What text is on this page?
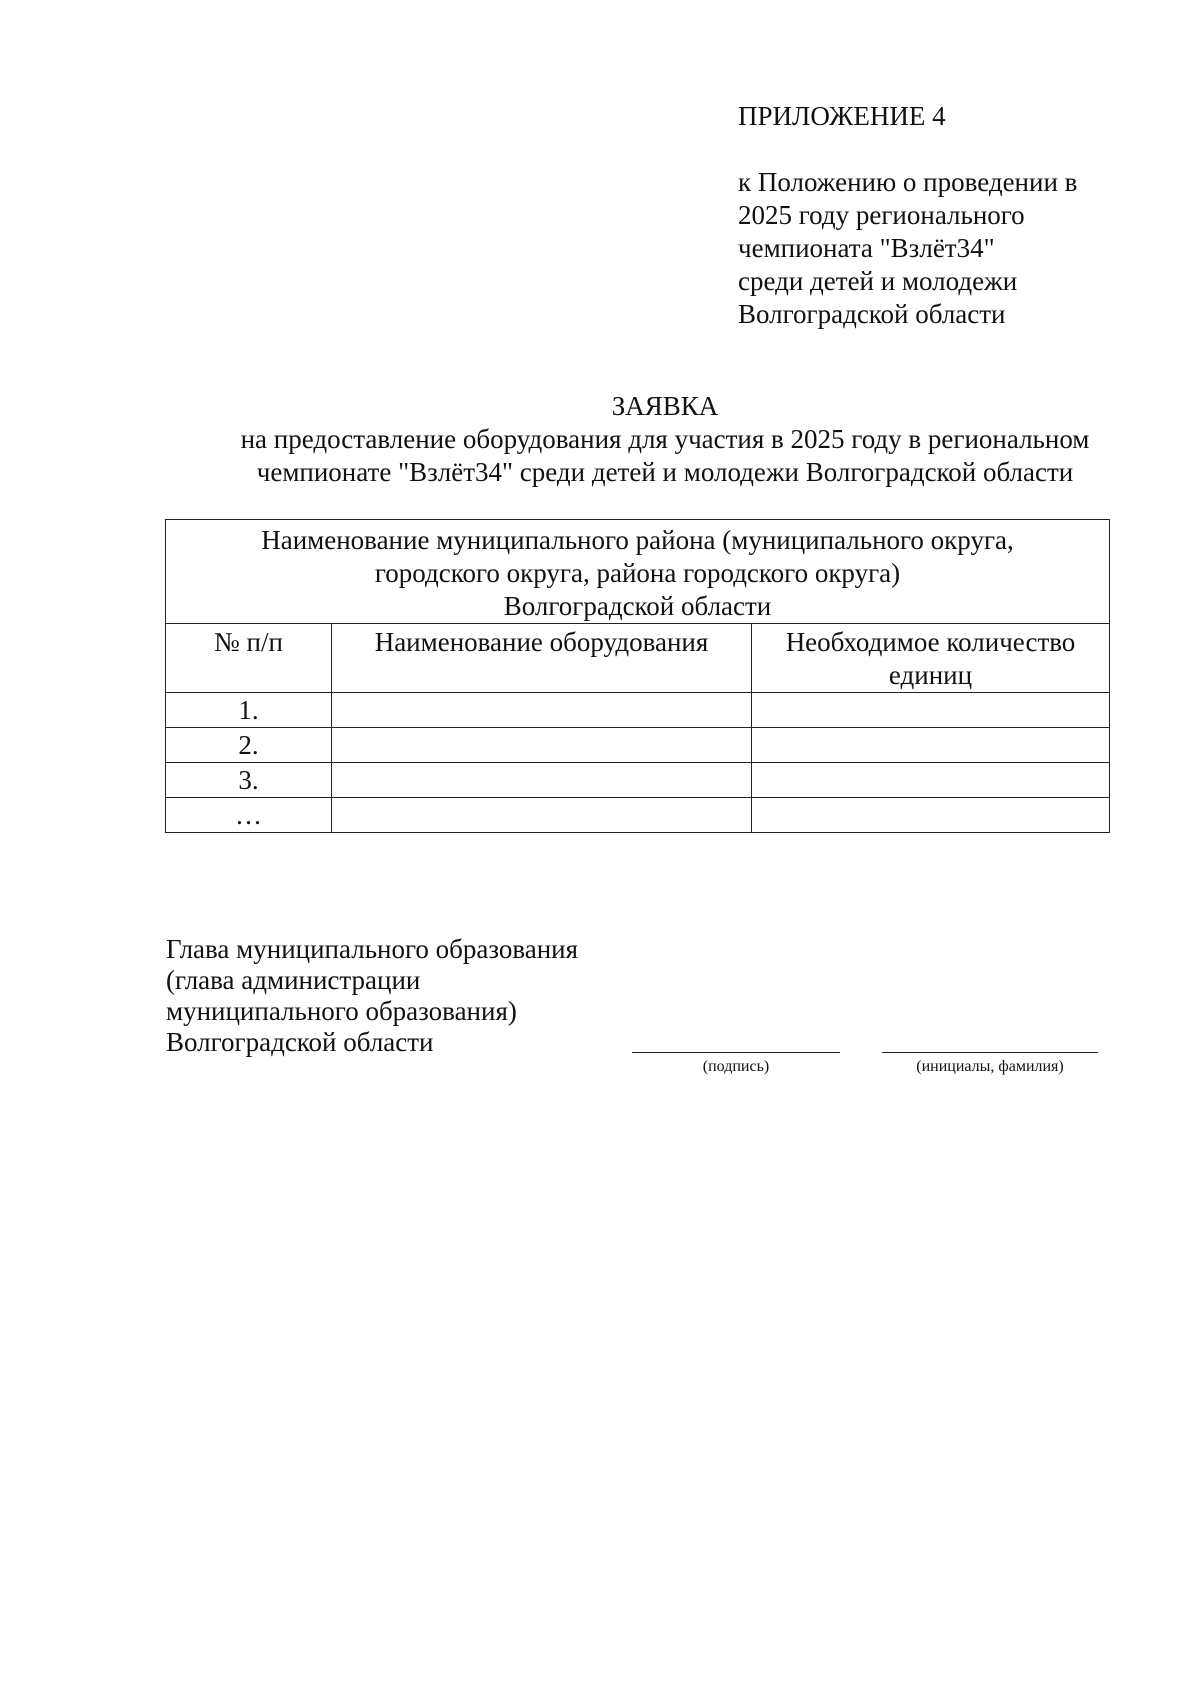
ПРИЛОЖЕНИЕ 4
к Положению о проведении в
2025 году регионального
чемпионата "Взлёт34"
среди детей и молодежи
Волгоградской области
ЗАЯВКА
на предоставление оборудования для участия в 2025 году в региональном
чемпионате "Взлёт34" среди детей и молодежи Волгоградской области
Наименование муниципального района (муниципального округа,
городского округа, района городского округа)
Волгоградской области		

№ п/п	Наименование оборудования	Необходимое количество единиц
1.		
2.		
3.		
…		
Глава муниципального образования
(глава администрации
муниципального образования)
Волгоградской области
(подпись)	(инициалы, фамилия)
